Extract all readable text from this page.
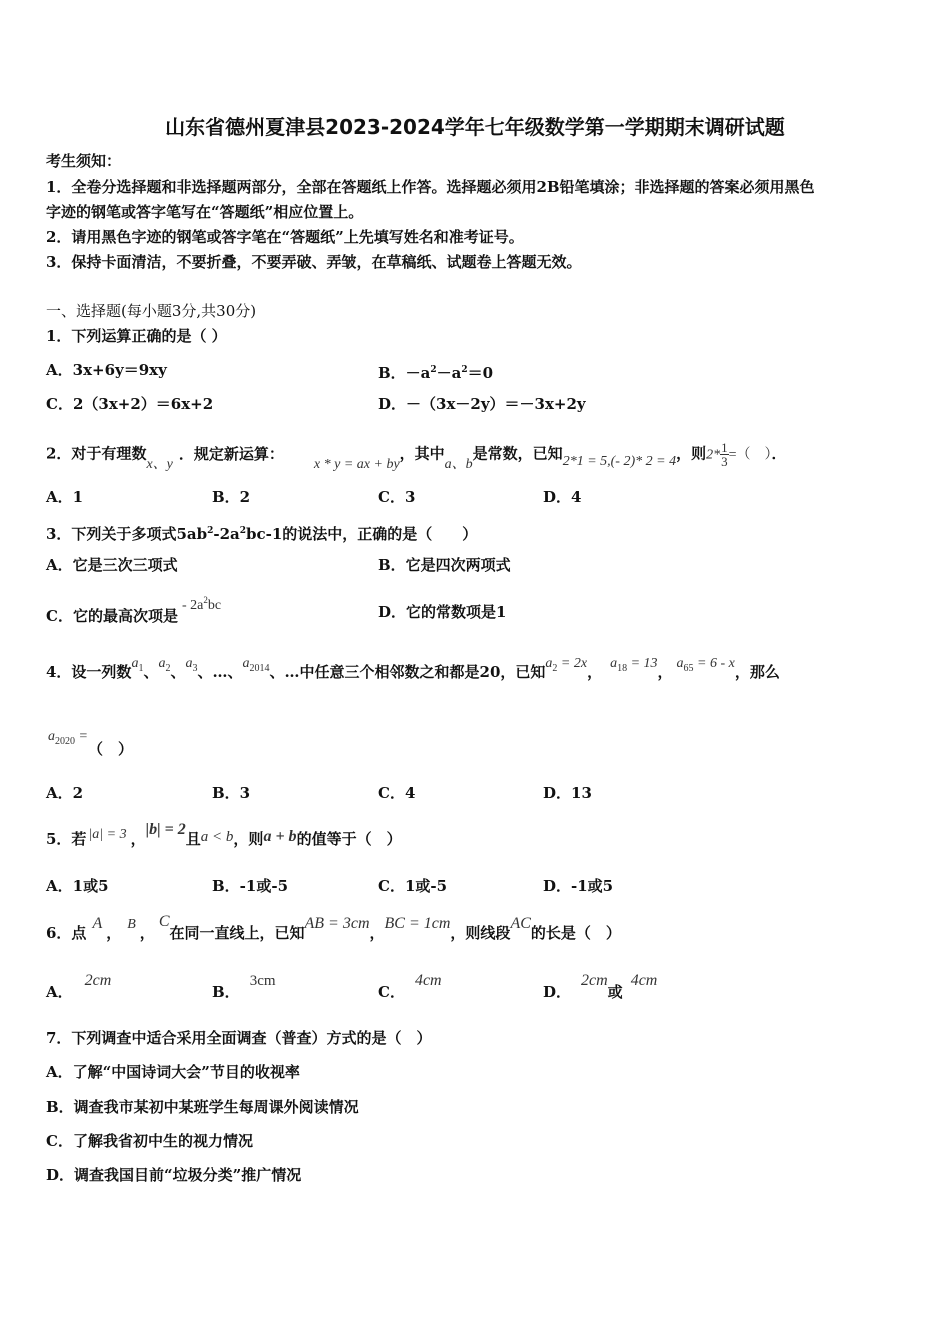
山东省德州夏津县2023-2024学年七年级数学第一学期期末调研试题
考生须知：
1．全卷分选择题和非选择题两部分，全部在答题纸上作答。选择题必须用2B铅笔填涂；非选择题的答案必须用黑色
字迹的钢笔或答字笔写在“答题纸”相应位置上。
2．请用黑色字迹的钢笔或答字笔在“答题纸”上先填写姓名和准考证号。
3．保持卡面清洁，不要折叠，不要弄破、弄皱，在草稿纸、试题卷上答题无效。
一、选择题(每小题3分,共30分)
1．下列运算正确的是（ ）
A．3x+6y＝9xy	B．$-a^2-a^2=0$
C．2（3x+2）＝6x+2	D．－（3x－2y）＝－3x+2y
2．对于有理数x、y．规定新运算：x * y = ax + by，其中a、b是常数，已知2*1 = 5,(- 2)* 2 = 4，则$2* \frac{1}{3}$ =（　）．
A．1	B．2	C．3	D．4
3．下列关于多项式$5ab^2-2a^2bc-1$的说法中，正确的是（　　）
A．它是三次三项式	B．它是四次两项式
C．它的最高次项是- $2a^2bc$	D．它的常数项是1
4．设一列数$a_1$、$a_2$、$a_3$、…、$a_{2014}$、…中任意三个相邻数之和都是20，已知$a_2 = 2x$， $a_{18} = 13$， $a_{65} = 6 - x$，那么
$a_{2020}$ =（　）
A．2	B．3	C．4	D．13
5．若 |a| = 3 ，|b| = 2且a < b，则a + b的值等于（　）
A．1或5	B．-1或-5	C．1或-5	D．-1或5
6．点A， B ，C在同一直线上，已知AB = 3cm，BC = 1cm，则线段AC的长是（　）
A．2cm
B．3cm
C．4cm
D．2cm或4cm
7．下列调查中适合采用全面调查（普查）方式的是（　）
A．了解“中国诗词大会”节目的收视率
B．调查我市某初中某班学生每周课外阅读情况
C．了解我省初中生的视力情况
D．调查我国目前“垃圾分类”推广情况
